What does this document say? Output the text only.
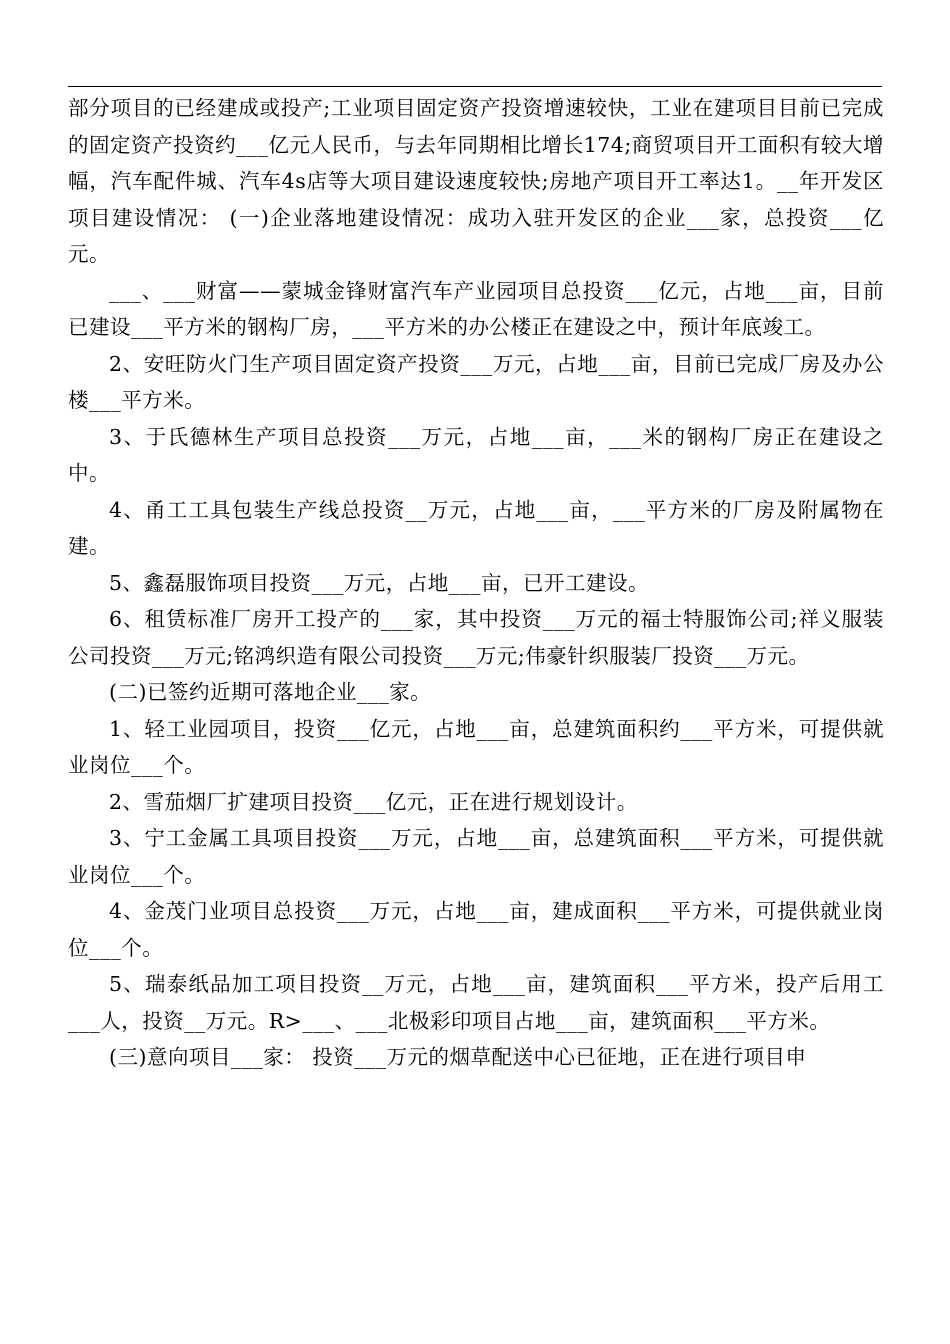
部分项目的已经建成或投产;工业项目固定资产投资增速较快，工业在建项目目前已完成的固定资产投资约___亿元人民币，与去年同期相比增长174;商贸项目开工面积有较大增幅，汽车配件城、汽车4s店等大项目建设速度较快;房地产项目开工率达1。__年开发区项目建设情况： (一)企业落地建设情况：成功入驻开发区的企业___家，总投资___亿元。

___、___财富——蒙城金锋财富汽车产业园项目总投资___亿元，占地___亩，目前已建设___平方米的钢构厂房，___平方米的办公楼正在建设之中，预计年底竣工。

2、安旺防火门生产项目固定资产投资___万元，占地___亩，目前已完成厂房及办公楼___平方米。

3、于氏德林生产项目总投资___万元，占地___亩，___米的钢构厂房正在建设之中。

4、甬工工具包装生产线总投资__万元，占地___亩，___平方米的厂房及附属物在建。

5、鑫磊服饰项目投资___万元，占地___亩，已开工建设。

6、租赁标准厂房开工投产的___家，其中投资___万元的福士特服饰公司;祥义服装公司投资___万元;铭鸿织造有限公司投资___万元;伟豪针织服装厂投资___万元。

(二)已签约近期可落地企业___家。

1、轻工业园项目，投资___亿元，占地___亩，总建筑面积约___平方米，可提供就业岗位___个。

2、雪茄烟厂扩建项目投资___亿元，正在进行规划设计。

3、宁工金属工具项目投资___万元，占地___亩，总建筑面积___平方米，可提供就业岗位___个。

4、金茂门业项目总投资___万元，占地___亩，建成面积___平方米，可提供就业岗位___个。

5、瑞泰纸品加工项目投资__万元，占地___亩，建筑面积___平方米，投产后用工___人，投资__万元。R>___、___北极彩印项目占地___亩，建筑面积___平方米。

(三)意向项目___家： 投资___万元的烟草配送中心已征地，正在进行项目申
